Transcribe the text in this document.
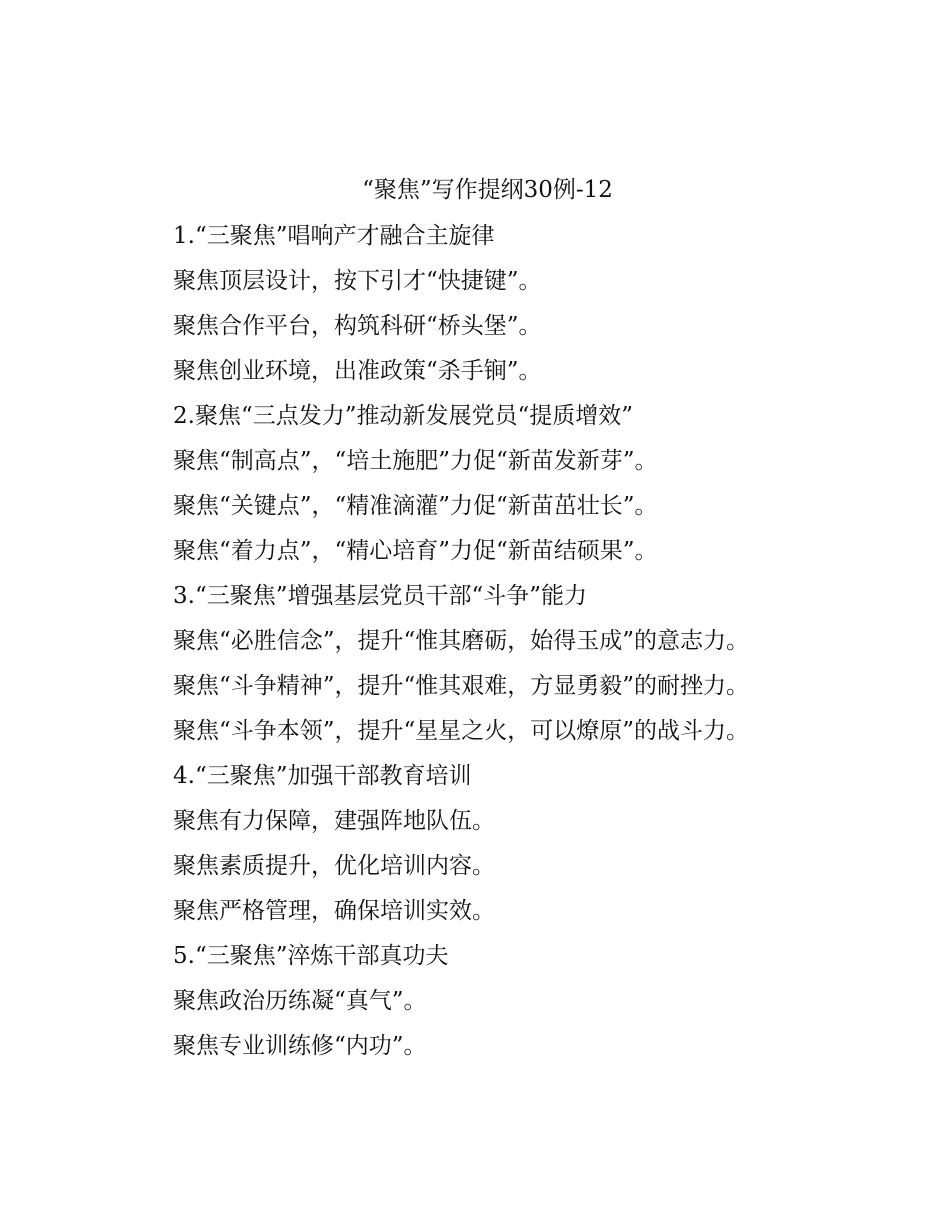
“聚焦”写作提纲30例-12
1.“三聚焦”唱响产才融合主旋律
聚焦顶层设计，按下引才“快捷键”。
聚焦合作平台，构筑科研“桥头堡”。
聚焦创业环境，出准政策“杀手锏”。
2.聚焦“三点发力”推动新发展党员“提质增效”
聚焦“制高点”，“培土施肥”力促“新苗发新芽”。
聚焦“关键点”，“精准滴灌”力促“新苗茁壮长”。
聚焦“着力点”，“精心培育”力促“新苗结硕果”。
3.“三聚焦”增强基层党员干部“斗争”能力
聚焦“必胜信念”，提升“惟其磨砺，始得玉成”的意志力。
聚焦“斗争精神”，提升“惟其艰难，方显勇毅”的耐挫力。
聚焦“斗争本领”，提升“星星之火，可以燎原”的战斗力。
4.“三聚焦”加强干部教育培训
聚焦有力保障，建强阵地队伍。
聚焦素质提升，优化培训内容。
聚焦严格管理，确保培训实效。
5.“三聚焦”淬炼干部真功夫
聚焦政治历练凝“真气”。
聚焦专业训练修“内功”。
